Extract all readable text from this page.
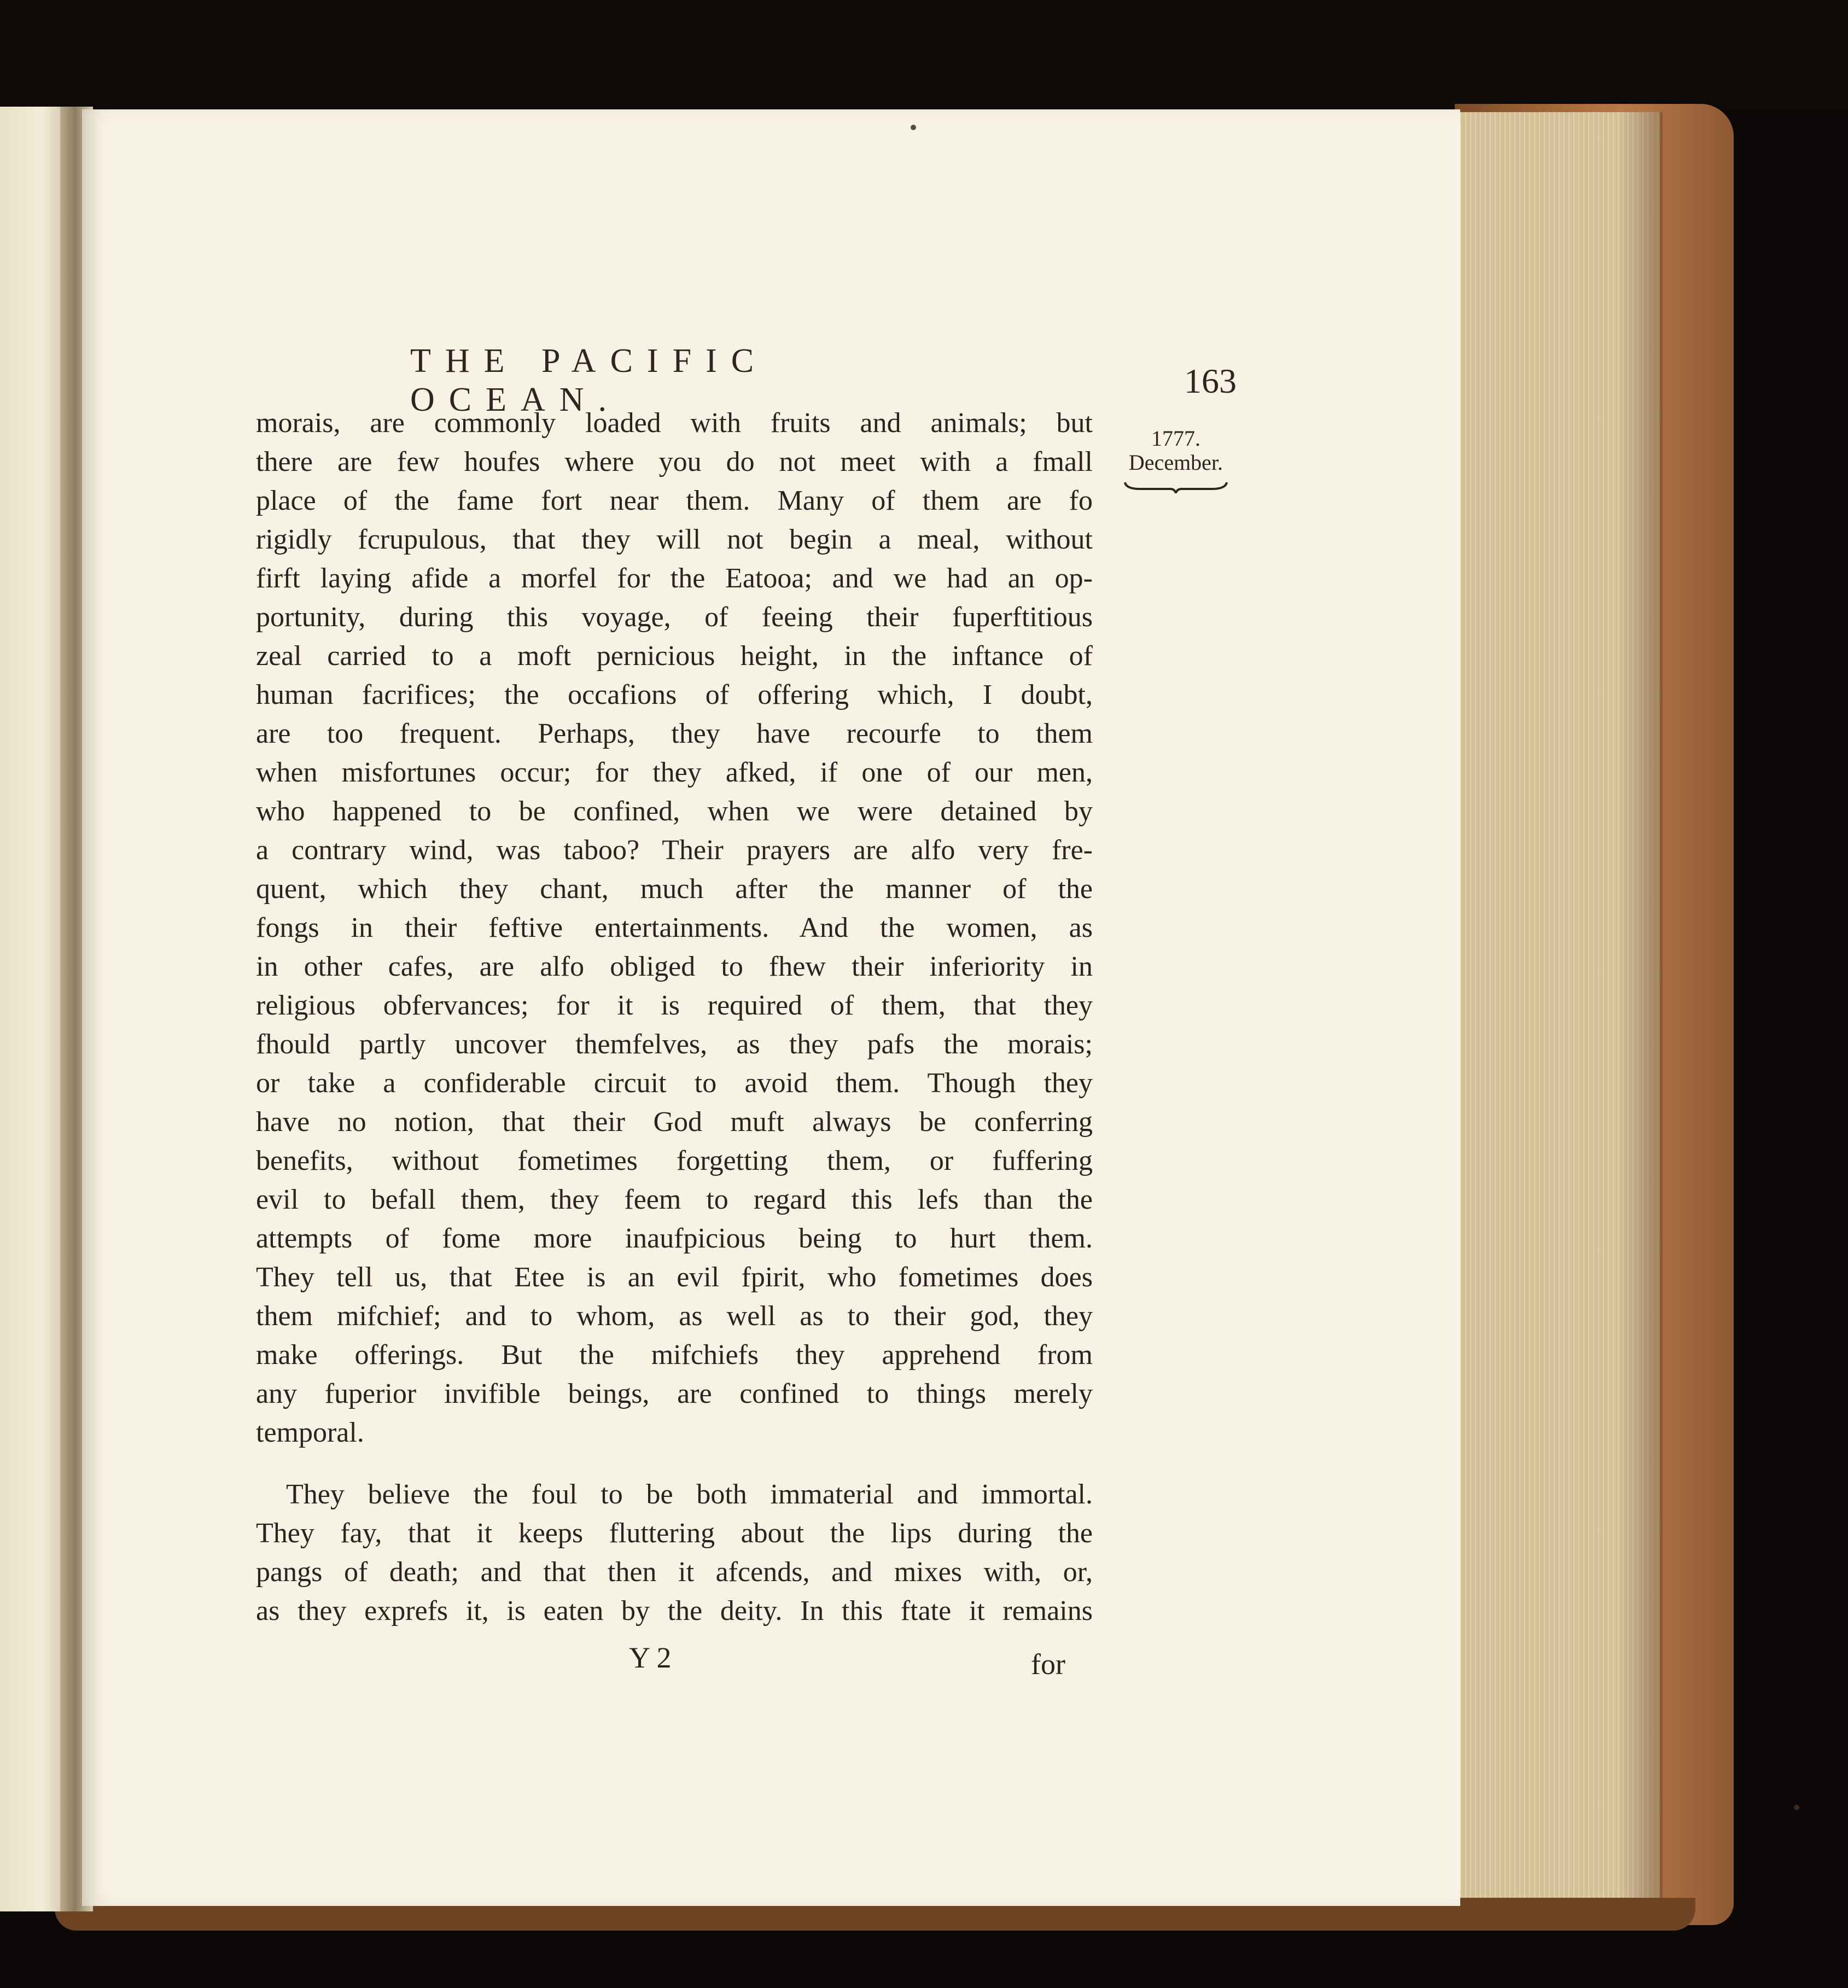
THE PACIFIC OCEAN.	163
1777.
December.
morais, are commonly loaded with fruits and animals; but
there are few houfes where you do not meet with a fmall
place of the fame fort near them. Many of them are fo
rigidly fcrupulous, that they will not begin a meal, without
firft laying afide a morfel for the Eatooa; and we had an op-
portunity, during this voyage, of feeing their fuperftitious
zeal carried to a moft pernicious height, in the inftance of
human facrifices; the occafions of offering which, I doubt,
are too frequent. Perhaps, they have recourfe to them
when misfortunes occur; for they afked, if one of our men,
who happened to be confined, when we were detained by
a contrary wind, was taboo? Their prayers are alfo very fre-
quent, which they chant, much after the manner of the
fongs in their feftive entertainments. And the women, as
in other cafes, are alfo obliged to fhew their inferiority in
religious obfervances; for it is required of them, that they
fhould partly uncover themfelves, as they pafs the morais;
or take a confiderable circuit to avoid them. Though they
have no notion, that their God muft always be conferring
benefits, without fometimes forgetting them, or fuffering
evil to befall them, they feem to regard this lefs than the
attempts of fome more inaufpicious being to hurt them.
They tell us, that Etee is an evil fpirit, who fometimes does
them mifchief; and to whom, as well as to their god, they
make offerings. But the mifchiefs they apprehend from
any fuperior invifible beings, are confined to things merely
temporal.
They believe the foul to be both immaterial and immortal.
They fay, that it keeps fluttering about the lips during the
pangs of death; and that then it afcends, and mixes with, or,
as they exprefs it, is eaten by the deity. In this ftate it remains
Y 2	for
